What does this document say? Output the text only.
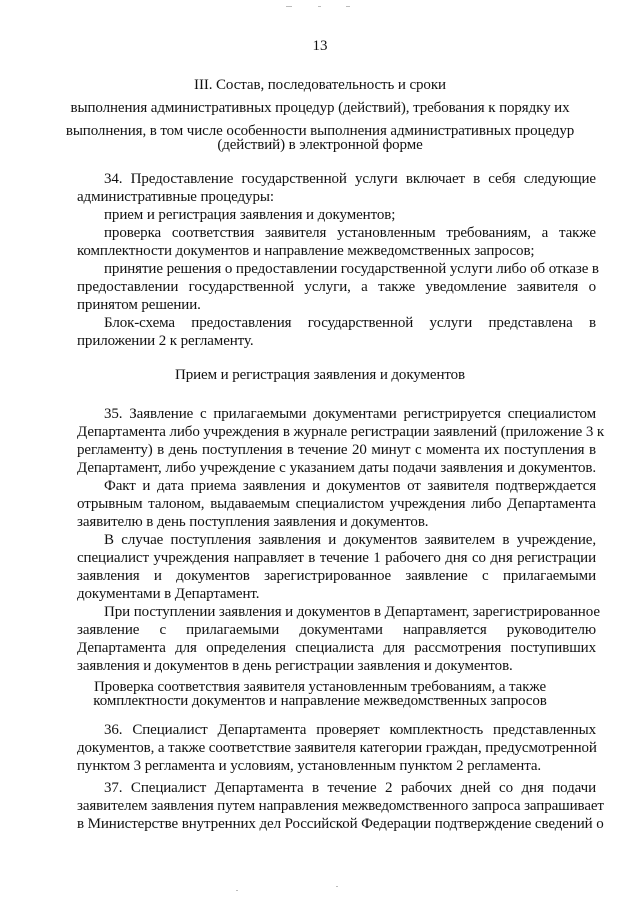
13
III. Состав, последовательность и сроки
выполнения административных процедур (действий), требования к порядку их
выполнения, в том числе особенности выполнения административных процедур
(действий) в электронной форме
34. Предоставление государственной услуги включает в себя следующие
административные процедуры:
прием и регистрация заявления и документов;
проверка соответствия заявителя установленным требованиям, а также
комплектности документов и направление межведомственных запросов;
принятие решения о предоставлении государственной услуги либо об отказе в
предоставлении государственной услуги, а также уведомление заявителя о
принятом решении.
Блок-схема предоставления государственной услуги представлена в
приложении 2 к регламенту.
Прием и регистрация заявления и документов
35. Заявление с прилагаемыми документами регистрируется специалистом
Департамента либо учреждения в журнале регистрации заявлений (приложение 3 к
регламенту) в день поступления в течение 20 минут с момента их поступления в
Департамент, либо учреждение с указанием даты подачи заявления и документов.
Факт и дата приема заявления и документов от заявителя подтверждается
отрывным талоном, выдаваемым специалистом учреждения либо Департамента
заявителю в день поступления заявления и документов.
В случае поступления заявления и документов заявителем в учреждение,
специалист учреждения направляет в течение 1 рабочего дня со дня регистрации
заявления и документов зарегистрированное заявление с прилагаемыми
документами в Департамент.
При поступлении заявления и документов в Департамент, зарегистрированное
заявление с прилагаемыми документами направляется руководителю
Департамента для определения специалиста для рассмотрения поступивших
заявления и документов в день регистрации заявления и документов.
Проверка соответствия заявителя установленным требованиям, а также
комплектности документов и направление межведомственных запросов
36. Специалист Департамента проверяет комплектность представленных
документов, а также соответствие заявителя категории граждан, предусмотренной
пунктом 3 регламента и условиям, установленным пунктом 2 регламента.
37. Специалист Департамента в течение 2 рабочих дней со дня подачи
заявителем заявления путем направления межведомственного запроса запрашивает
в Министерстве внутренних дел Российской Федерации подтверждение сведений о
